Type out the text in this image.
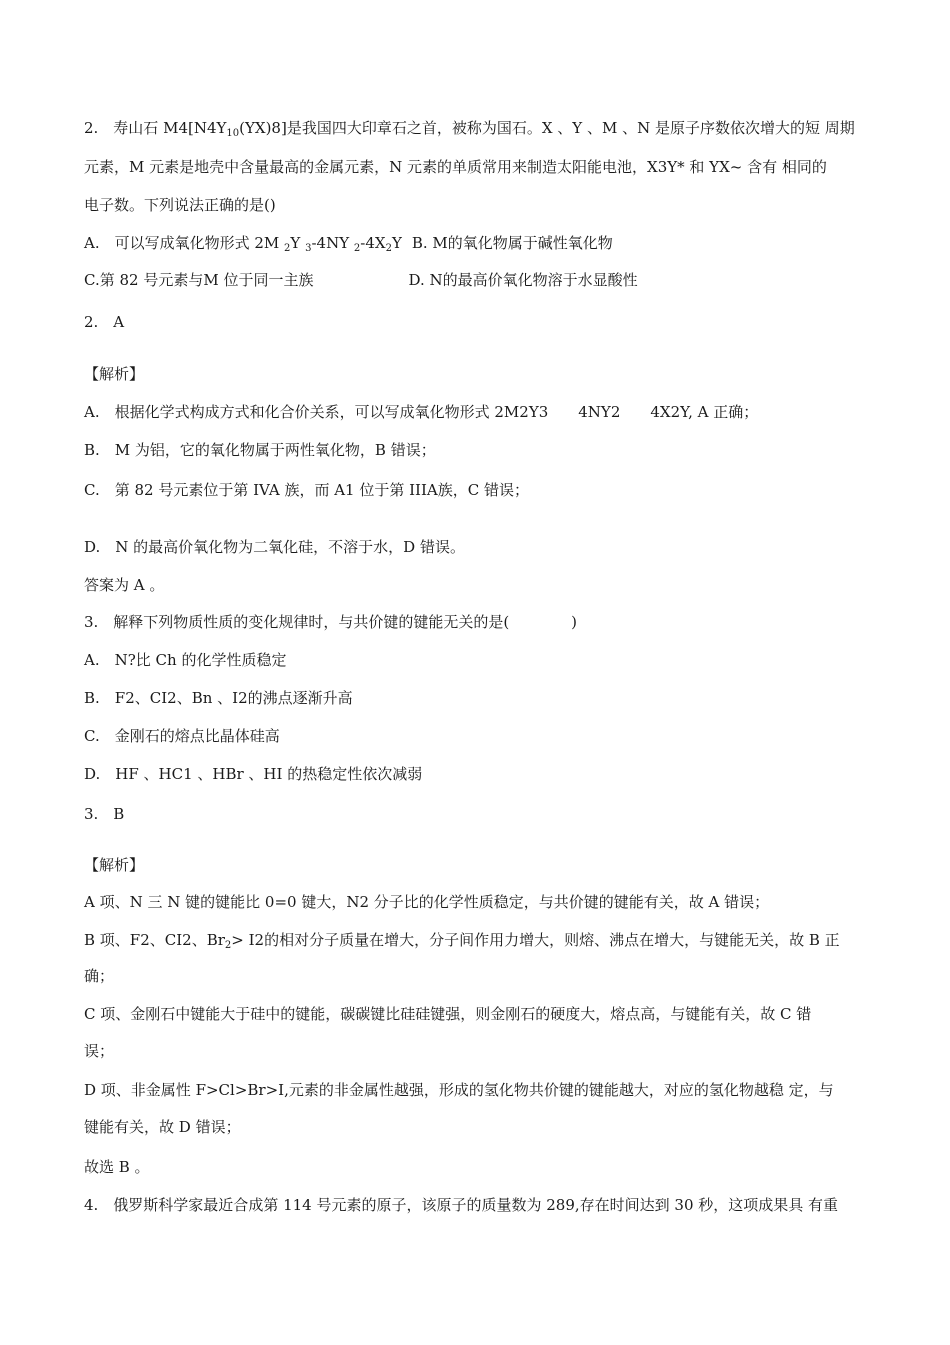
2.　寿山石 $M4[N4Y_{10}(YX)8]$是我国四大印章石之首，被称为国石。X 、Y 、M 、N 是原子序数依次增大的短 周期
元素，M 元素是地壳中含量最高的金属元素，N 元素的单质常用来制造太阳能电池，X3Y* 和 YX~ 含有 相同的
电子数。下列说法正确的是()
A.　可以写成氧化物形式 2M $_2$Y $_3$-4NY $_2-4X_2Y$ B. M的氧化物属于碱性氧化物
C.第 82 号元素与M 位于同一主族	D. N的最高价氧化物溶于水显酸性
2.　A
【解析】
A.　根据化学式构成方式和化合价关系，可以写成氧化物形式 2M2Y3　　4NY2　　4X2Y, A 正确；
B.　M 为铝，它的氧化物属于两性氧化物，B 错误；
C.　第 82 号元素位于第 IVA 族，而 A1 位于第 IIIA族，C 错误；
D.　N 的最高价氧化物为二氧化硅，不溶于水，D 错误。
答案为 A 。
3.　解释下列物质性质的变化规律时，与共价键的键能无关的是(	)
A.　N?比 Ch 的化学性质稳定
B.　F2、CI2、Bn 、I2的沸点逐渐升高
C.　金刚石的熔点比晶体硅高
D.　HF 、HC1 、HBr 、HI 的热稳定性依次减弱
3.　B
【解析】
A 项、N 三 N 键的键能比 0=0 键大，N2 分子比的化学性质稳定，与共价键的键能有关，故 A 错误；
B 项、F2、CI2、$Br_2> I2$的相对分子质量在增大，分子间作用力增大，则熔、沸点在增大，与键能无关，故 B 正
确；
C 项、金刚石中键能大于硅中的键能，碳碳键比硅硅键强，则金刚石的硬度大，熔点高，与键能有关，故 C 错
误；
D 项、非金属性 F>Cl>Br>I,元素的非金属性越强，形成的氢化物共价键的键能越大，对应的氢化物越稳 定，与
键能有关，故 D 错误；
故选 B 。
4.　俄罗斯科学家最近合成第 114 号元素的原子，该原子的质量数为 289,存在时间达到 30 秒，这项成果具 有重
